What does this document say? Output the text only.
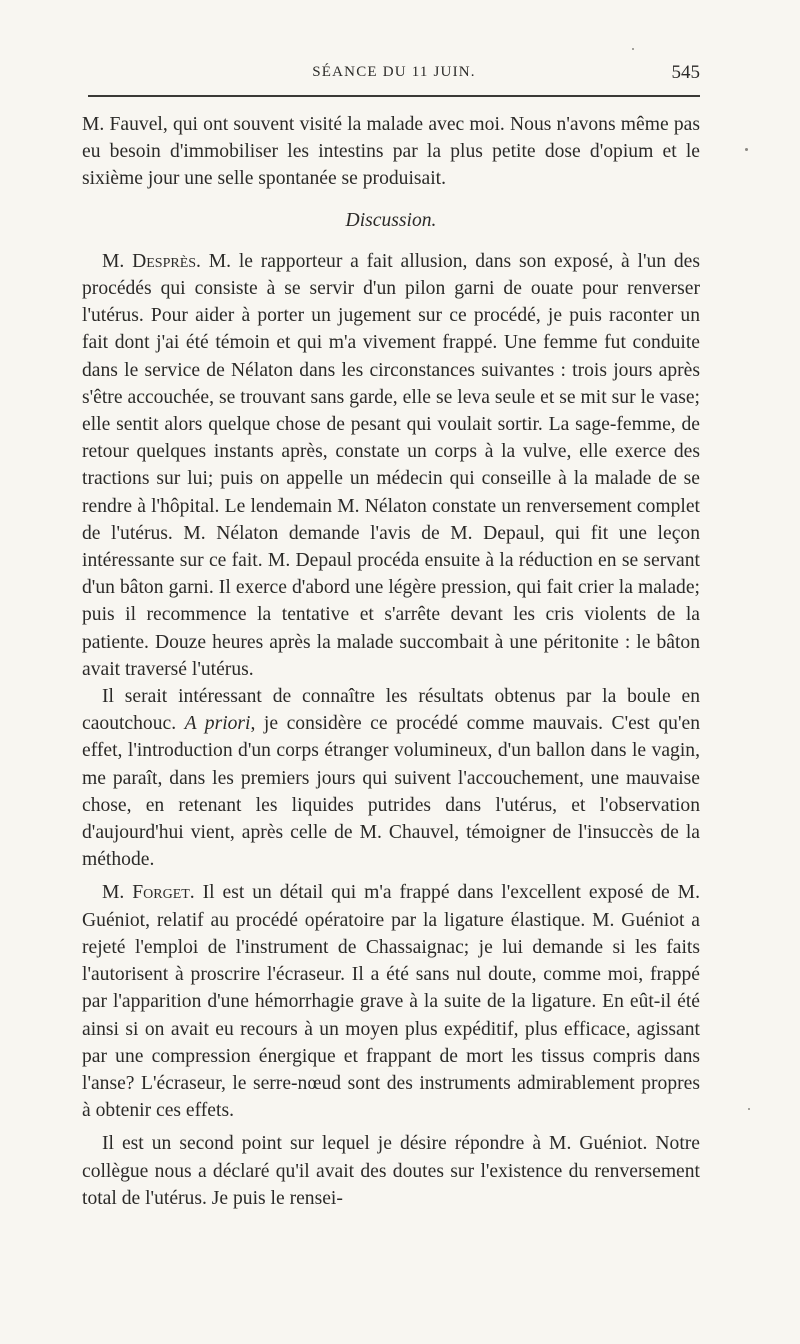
SÉANCE DU 11 JUIN.	545

M. Fauvel, qui ont souvent visité la malade avec moi. Nous n'avons même pas eu besoin d'immobiliser les intestins par la plus petite dose d'opium et le sixième jour une selle spontanée se produisait.

Discussion.

M. Desprès. M. le rapporteur a fait allusion, dans son exposé, à l'un des procédés qui consiste à se servir d'un pilon garni de ouate pour renverser l'utérus. Pour aider à porter un jugement sur ce procédé, je puis raconter un fait dont j'ai été témoin et qui m'a vivement frappé. Une femme fut conduite dans le service de Nélaton dans les circonstances suivantes : trois jours après s'être accouchée, se trouvant sans garde, elle se leva seule et se mit sur le vase; elle sentit alors quelque chose de pesant qui voulait sortir. La sage-femme, de retour quelques instants après, constate un corps à la vulve, elle exerce des tractions sur lui; puis on appelle un médecin qui conseille à la malade de se rendre à l'hôpital. Le lendemain M. Nélaton constate un renversement complet de l'utérus. M. Nélaton demande l'avis de M. Depaul, qui fit une leçon intéressante sur ce fait. M. Depaul procéda ensuite à la réduction en se servant d'un bâton garni. Il exerce d'abord une légère pression, qui fait crier la malade; puis il recommence la tentative et s'arrête devant les cris violents de la patiente. Douze heures après la malade succombait à une péritonite : le bâton avait traversé l'utérus.

Il serait intéressant de connaître les résultats obtenus par la boule en caoutchouc. A priori, je considère ce procédé comme mauvais. C'est qu'en effet, l'introduction d'un corps étranger volumineux, d'un ballon dans le vagin, me paraît, dans les premiers jours qui suivent l'accouchement, une mauvaise chose, en retenant les liquides putrides dans l'utérus, et l'observation d'aujourd'hui vient, après celle de M. Chauvel, témoigner de l'insuccès de la méthode.

M. Forget. Il est un détail qui m'a frappé dans l'excellent exposé de M. Guéniot, relatif au procédé opératoire par la ligature élastique. M. Guéniot a rejeté l'emploi de l'instrument de Chassaignac; je lui demande si les faits l'autorisent à proscrire l'écraseur. Il a été sans nul doute, comme moi, frappé par l'apparition d'une hémorrhagie grave à la suite de la ligature. En eût-il été ainsi si on avait eu recours à un moyen plus expéditif, plus efficace, agissant par une compression énergique et frappant de mort les tissus compris dans l'anse? L'écraseur, le serre-nœud sont des instruments admirablement propres à obtenir ces effets.

Il est un second point sur lequel je désire répondre à M. Guéniot. Notre collègue nous a déclaré qu'il avait des doutes sur l'existence du renversement total de l'utérus. Je puis le rensei-
